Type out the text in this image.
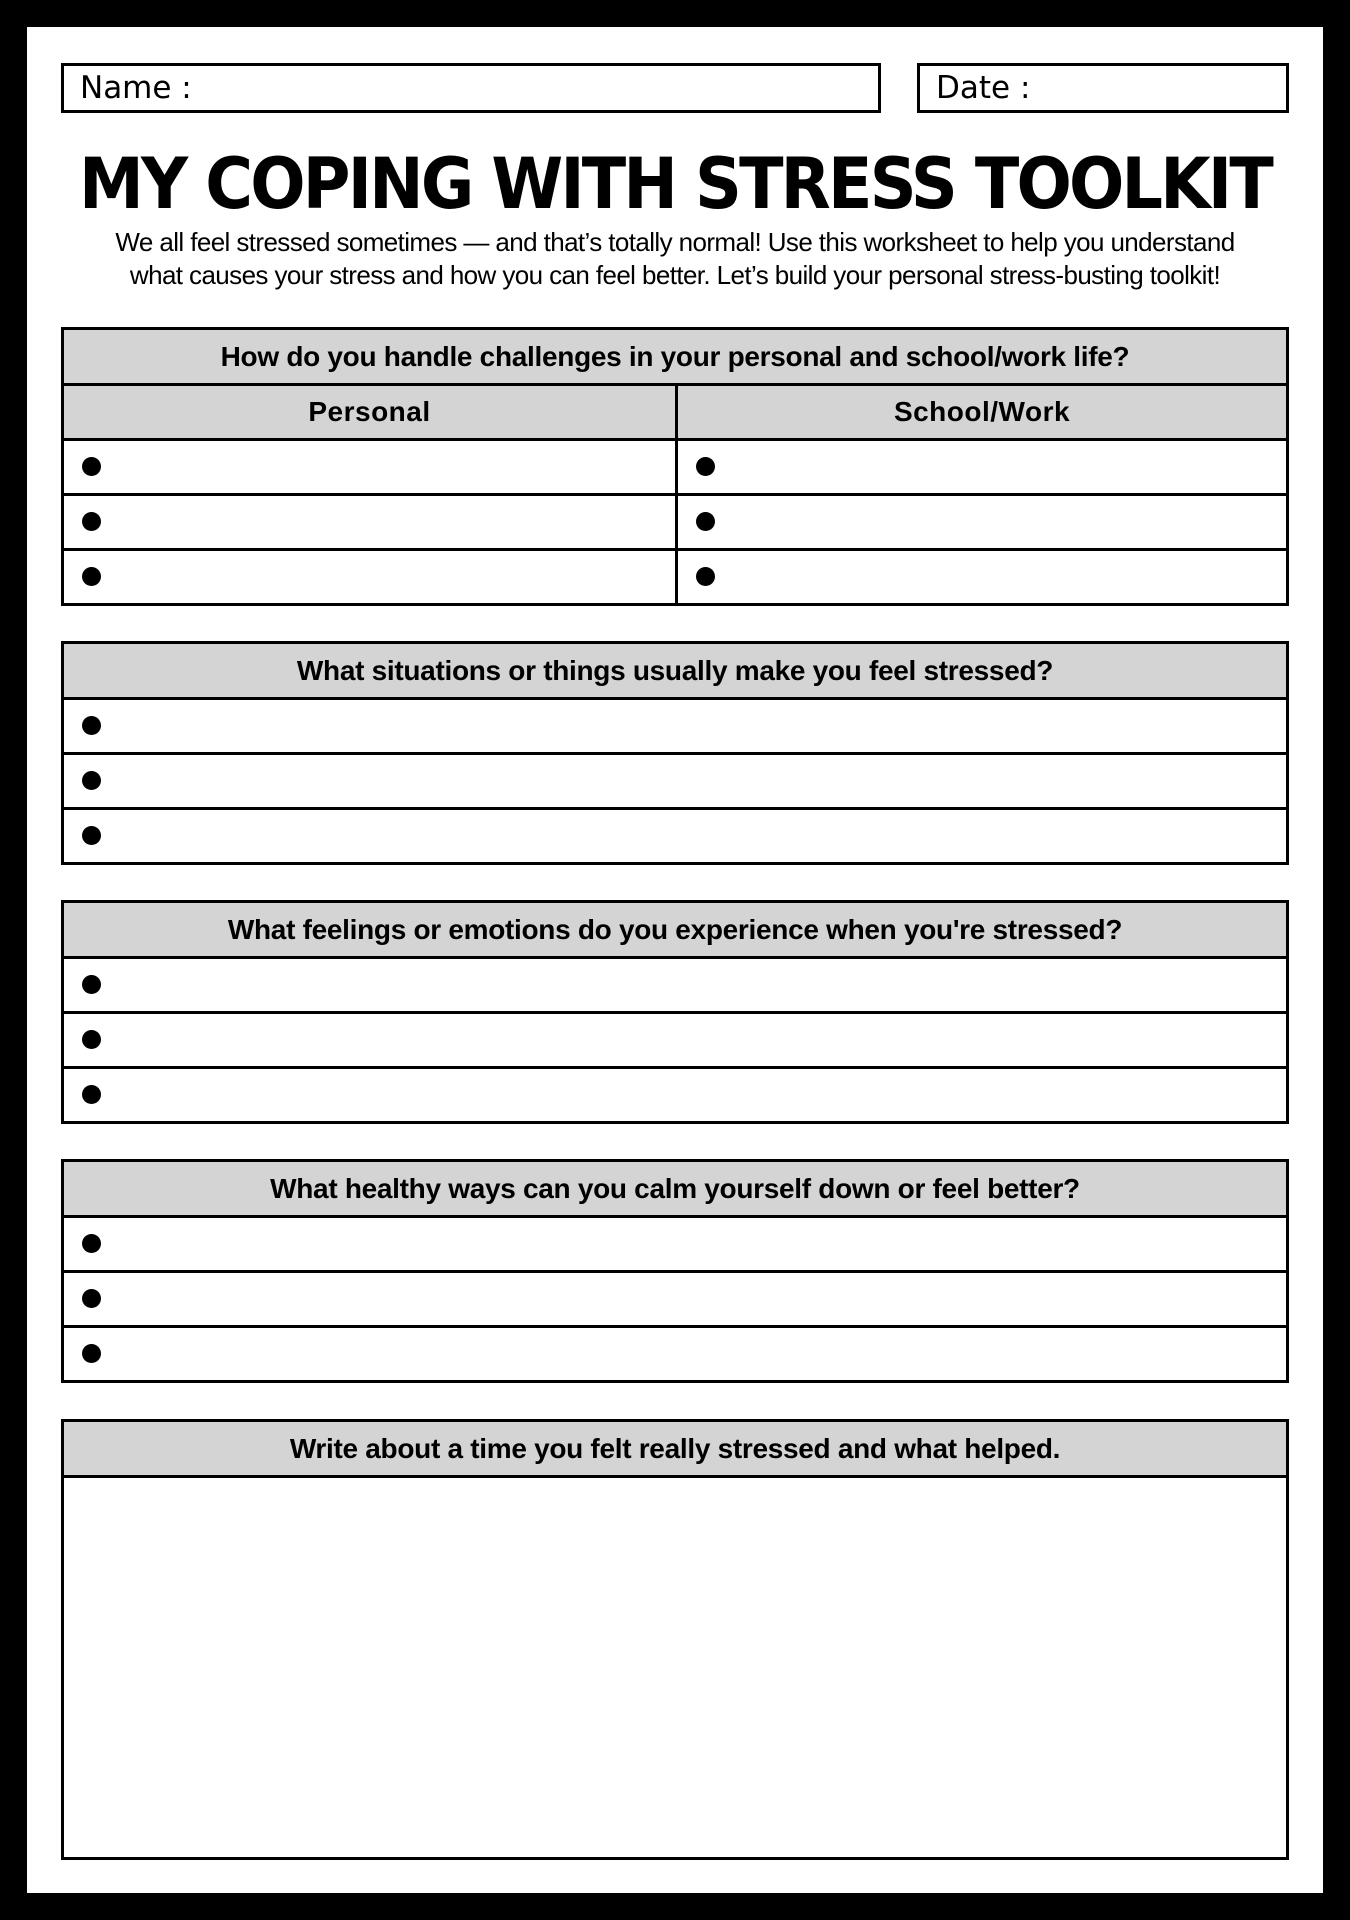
Name :	Date :
MY COPING WITH STRESS TOOLKIT
We all feel stressed sometimes — and that’s totally normal! Use this worksheet to help you understand
what causes your stress and how you can feel better. Let’s build your personal stress-busting toolkit!
How do you handle challenges in your personal and school/work life?
Personal	School/Work
What situations or things usually make you feel stressed?
What feelings or emotions do you experience when you're stressed?
What healthy ways can you calm yourself down or feel better?
Write about a time you felt really stressed and what helped.
